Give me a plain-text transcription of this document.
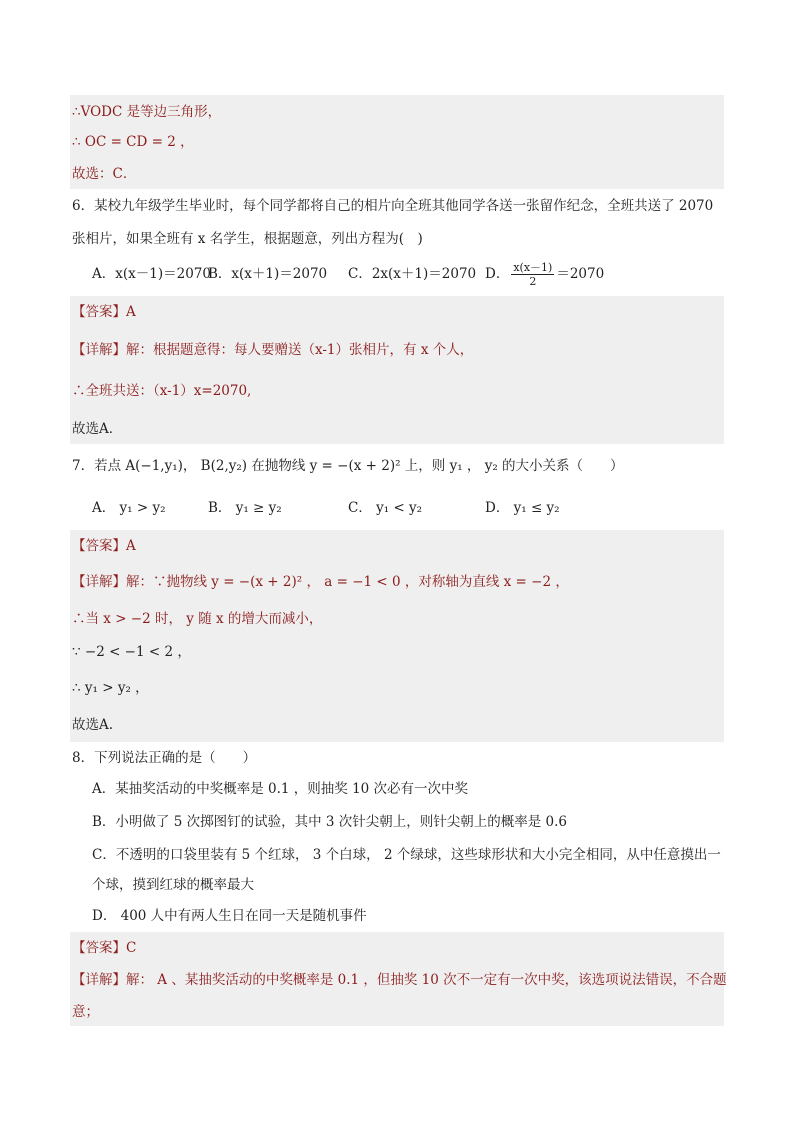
∴VODC 是等边三角形，
∴ OC = CD = 2 ，
故选：C．
6．某校九年级学生毕业时，每个同学都将自己的相片向全班其他同学各送一张留作纪念，全班共送了 2070
张相片，如果全班有 x 名学生，根据题意，列出方程为(　)
A．x(x－1)＝2070
B．x(x＋1)＝2070 C．2x(x＋1)＝2070 D． $\frac{x(x-1)}{2} =2070$
【答案】A
【详解】解：根据题意得：每人要赠送（x-1）张相片，有 x 个人，
∴全班共送：（x-1）x=2070,
故选A．
7．若点 A(−1,y₁)， B(2,y₂) 在抛物线 y = −(x + 2)² 上，则 y₁ ， y₂ 的大小关系（　　）
A． y₁ > y₂	B． y₁ ≥ y₂	C． y₁ < y₂	D． y₁ ≤ y₂
【答案】A
【详解】解：∵抛物线 y = −(x + 2)² ， a = −1 < 0 ，对称轴为直线 x = −2 ，
∴当 x > −2 时， y 随 x 的增大而减小，
∵ −2 < −1 < 2 ，
∴ y₁ > y₂ ，
故选A.
8．下列说法正确的是（　　）
A．某抽奖活动的中奖概率是 0.1 ，则抽奖 10 次必有一次中奖
B．小明做了 5 次掷图钉的试验，其中 3 次针尖朝上，则针尖朝上的概率是 0.6
C．不透明的口袋里装有 5 个红球， 3 个白球， 2 个绿球，这些球形状和大小完全相同，从中任意摸出一
个球，摸到红球的概率最大
D． 400 人中有两人生日在同一天是随机事件
【答案】C
【详解】解： A 、某抽奖活动的中奖概率是 0.1 ，但抽奖 10 次不一定有一次中奖，该选项说法错误，不合题
意；
